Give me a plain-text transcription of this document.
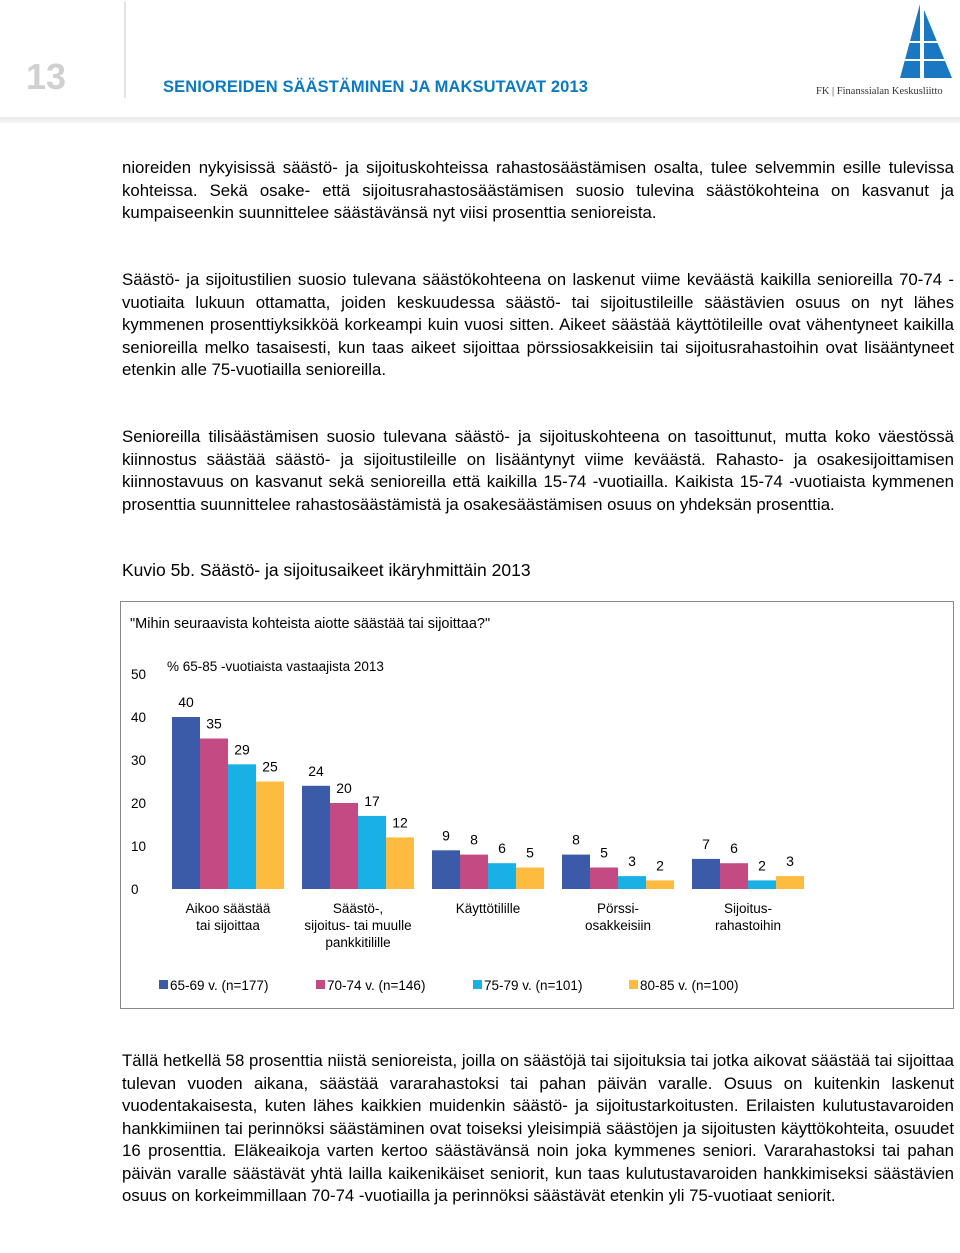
13	SENIOREIDEN SÄÄSTÄMINEN JA MAKSUTAVAT 2013	FK | Finanssialan Keskusliitto

nioreiden nykyisissä säästö- ja sijoituskohteissa rahastosäästämisen osalta, tulee selvemmin esille tulevissa kohteissa. Sekä osake- että sijoitusrahastosäästämisen suosio tulevina säästökohteina on kasvanut ja kumpaiseenkin suunnittelee säästävänsä nyt viisi prosenttia senioreista.

Säästö- ja sijoitustilien suosio tulevana säästökohteena on laskenut viime keväästä kaikilla senioreilla 70-74 -vuotiaita lukuun ottamatta, joiden keskuudessa säästö- tai sijoitustileille säästävien osuus on nyt lähes kymmenen prosenttiyksikköä korkeampi kuin vuosi sitten. Aikeet säästää käyttötileille ovat vähentyneet kaikilla senioreilla melko tasaisesti, kun taas aikeet sijoittaa pörssiosakkeisiin tai sijoitusrahastoihin ovat lisääntyneet etenkin alle 75-vuotiailla senioreilla.

Senioreilla tilisäästämisen suosio tulevana säästö- ja sijoituskohteena on tasoittunut, mutta koko väestössä kiinnostus säästää säästö- ja sijoitustileille on lisääntynyt viime keväästä. Rahasto- ja osakesijoittamisen kiinnostavuus on kasvanut sekä senioreilla että kaikilla 15-74 -vuotiailla. Kaikista 15-74 -vuotiaista kymmenen prosenttia suunnittelee rahastosäästämistä ja osakesäästämisen osuus on yhdeksän prosenttia.

Kuvio 5b. Säästö- ja sijoitusaikeet ikäryhmittäin 2013
"Mihin seuraavista kohteista aiotte säästää tai sijoittaa?"
% 65-85 -vuotiaista vastaajista 2013
0
10
20
30
40
50
40
35
29
25
Aikoo säästää
tai sijoittaa
24
20
17
12
Säästö-,
sijoitus- tai muulle
pankkitilille
9 8
6 5
Käyttötilille
8
5
3 2
Pörssi-
osakkeisiin
7 6
2 3
Sijoitus-
rahastoihin
65-69 v. (n=177)	70-74 v. (n=146)	75-79 v. (n=101)	80-85 v. (n=100)

Tällä hetkellä 58 prosenttia niistä senioreista, joilla on säästöjä tai sijoituksia tai jotka aikovat säästää tai sijoittaa tulevan vuoden aikana, säästää vararahastoksi tai pahan päivän varalle. Osuus on kuitenkin laskenut vuodentakaisesta, kuten lähes kaikkien muidenkin säästö- ja sijoitustarkoitusten. Erilaisten kulutustavaroiden hankkimiinen tai perinnöksi säästäminen ovat toiseksi yleisimpiä säästöjen ja sijoitusten käyttökohteita, osuudet 16 prosenttia. Eläkeaikoja varten kertoo säästävänsä noin joka kymmenes seniori. Vararahastoksi tai pahan päivän varalle säästävät yhtä lailla kaikenikäiset seniorit, kun taas kulutustavaroiden hankkimiseksi säästävien osuus on korkeimmillaan 70-74 -vuotiailla ja perinnöksi säästävät etenkin yli 75-vuotiaat seniorit.
